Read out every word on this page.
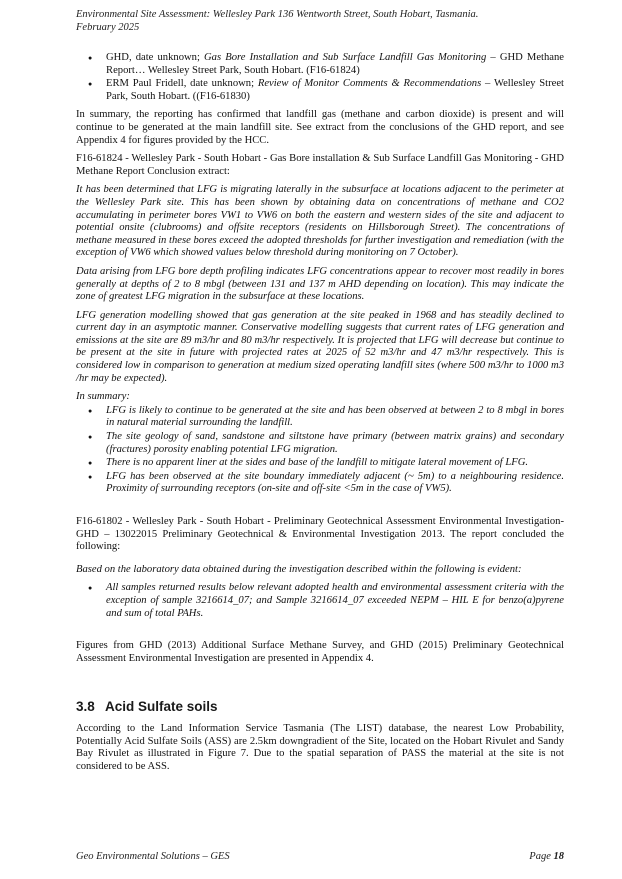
Environmental Site Assessment: Wellesley Park 136 Wentworth Street, South Hobart, Tasmania.
February 2025
● GHD, date unknown; Gas Bore Installation and Sub Surface Landfill Gas Monitoring – GHD Methane Report… Wellesley Street Park, South Hobart. (F16-61824)
● ERM Paul Fridell, date unknown; Review of Monitor Comments & Recommendations – Wellesley Street Park, South Hobart. ((F16-61830)

In summary, the reporting has confirmed that landfill gas (methane and carbon dioxide) is present and will continue to be generated at the main landfill site. See extract from the conclusions of the GHD report, and see Appendix 4 for figures provided by the HCC.

F16-61824 - Wellesley Park - South Hobart - Gas Bore installation & Sub Surface Landfill Gas Monitoring - GHD Methane Report Conclusion extract:

It has been determined that LFG is migrating laterally in the subsurface at locations adjacent to the perimeter at the Wellesley Park site. This has been shown by obtaining data on concentrations of methane and CO2 accumulating in perimeter bores VW1 to VW6 on both the eastern and western sides of the site and adjacent to potential onsite (clubrooms) and offsite receptors (residents on Hillsborough Street). The concentrations of methane measured in these bores exceed the adopted thresholds for further investigation and remediation (with the exception of VW6 which showed values below threshold during monitoring on 7 October).

Data arising from LFG bore depth profiling indicates LFG concentrations appear to recover most readily in bores generally at depths of 2 to 8 mbgl (between 131 and 137 m AHD depending on location). This may indicate the zone of greatest LFG migration in the subsurface at these locations.

LFG generation modelling showed that gas generation at the site peaked in 1968 and has steadily declined to current day in an asymptotic manner. Conservative modelling suggests that current rates of LFG generation and emissions at the site are 89 m3/hr and 80 m3/hr respectively. It is projected that LFG will decrease but continue to be present at the site in future with projected rates at 2025 of 52 m3/hr and 47 m3/hr respectively. This is considered low in comparison to generation at medium sized operating landfill sites (where 500 m3/hr to 1000 m3 /hr may be expected).

In summary:

● LFG is likely to continue to be generated at the site and has been observed at between 2 to 8 mbgl in bores in natural material surrounding the landfill.
● The site geology of sand, sandstone and siltstone have primary (between matrix grains) and secondary (fractures) porosity enabling potential LFG migration.
● There is no apparent liner at the sides and base of the landfill to mitigate lateral movement of LFG.
● LFG has been observed at the site boundary immediately adjacent (~ 5m) to a neighbouring residence. Proximity of surrounding receptors (on-site and off-site <5m in the case of VW5).

F16-61802 - Wellesley Park - South Hobart - Preliminary Geotechnical Assessment Environmental Investigation- GHD – 13022015 Preliminary Geotechnical & Environmental Investigation 2013. The report concluded the following:

Based on the laboratory data obtained during the investigation described within the following is evident:

● All samples returned results below relevant adopted health and environmental assessment criteria with the exception of sample 3216614_07; and Sample 3216614_07 exceeded NEPM – HIL E for benzo(a)pyrene and sum of total PAHs.

Figures from GHD (2013) Additional Surface Methane Survey, and GHD (2015) Preliminary Geotechnical Assessment Environmental Investigation are presented in Appendix 4.

3.8 Acid Sulfate soils

According to the Land Information Service Tasmania (The LIST) database, the nearest Low Probability, Potentially Acid Sulfate Soils (ASS) are 2.5km downgradient of the Site, located on the Hobart Rivulet and Sandy Bay Rivulet as illustrated in Figure 7. Due to the spatial separation of PASS the material at the site is not considered to be ASS.

Geo Environmental Solutions – GES	Page 18
